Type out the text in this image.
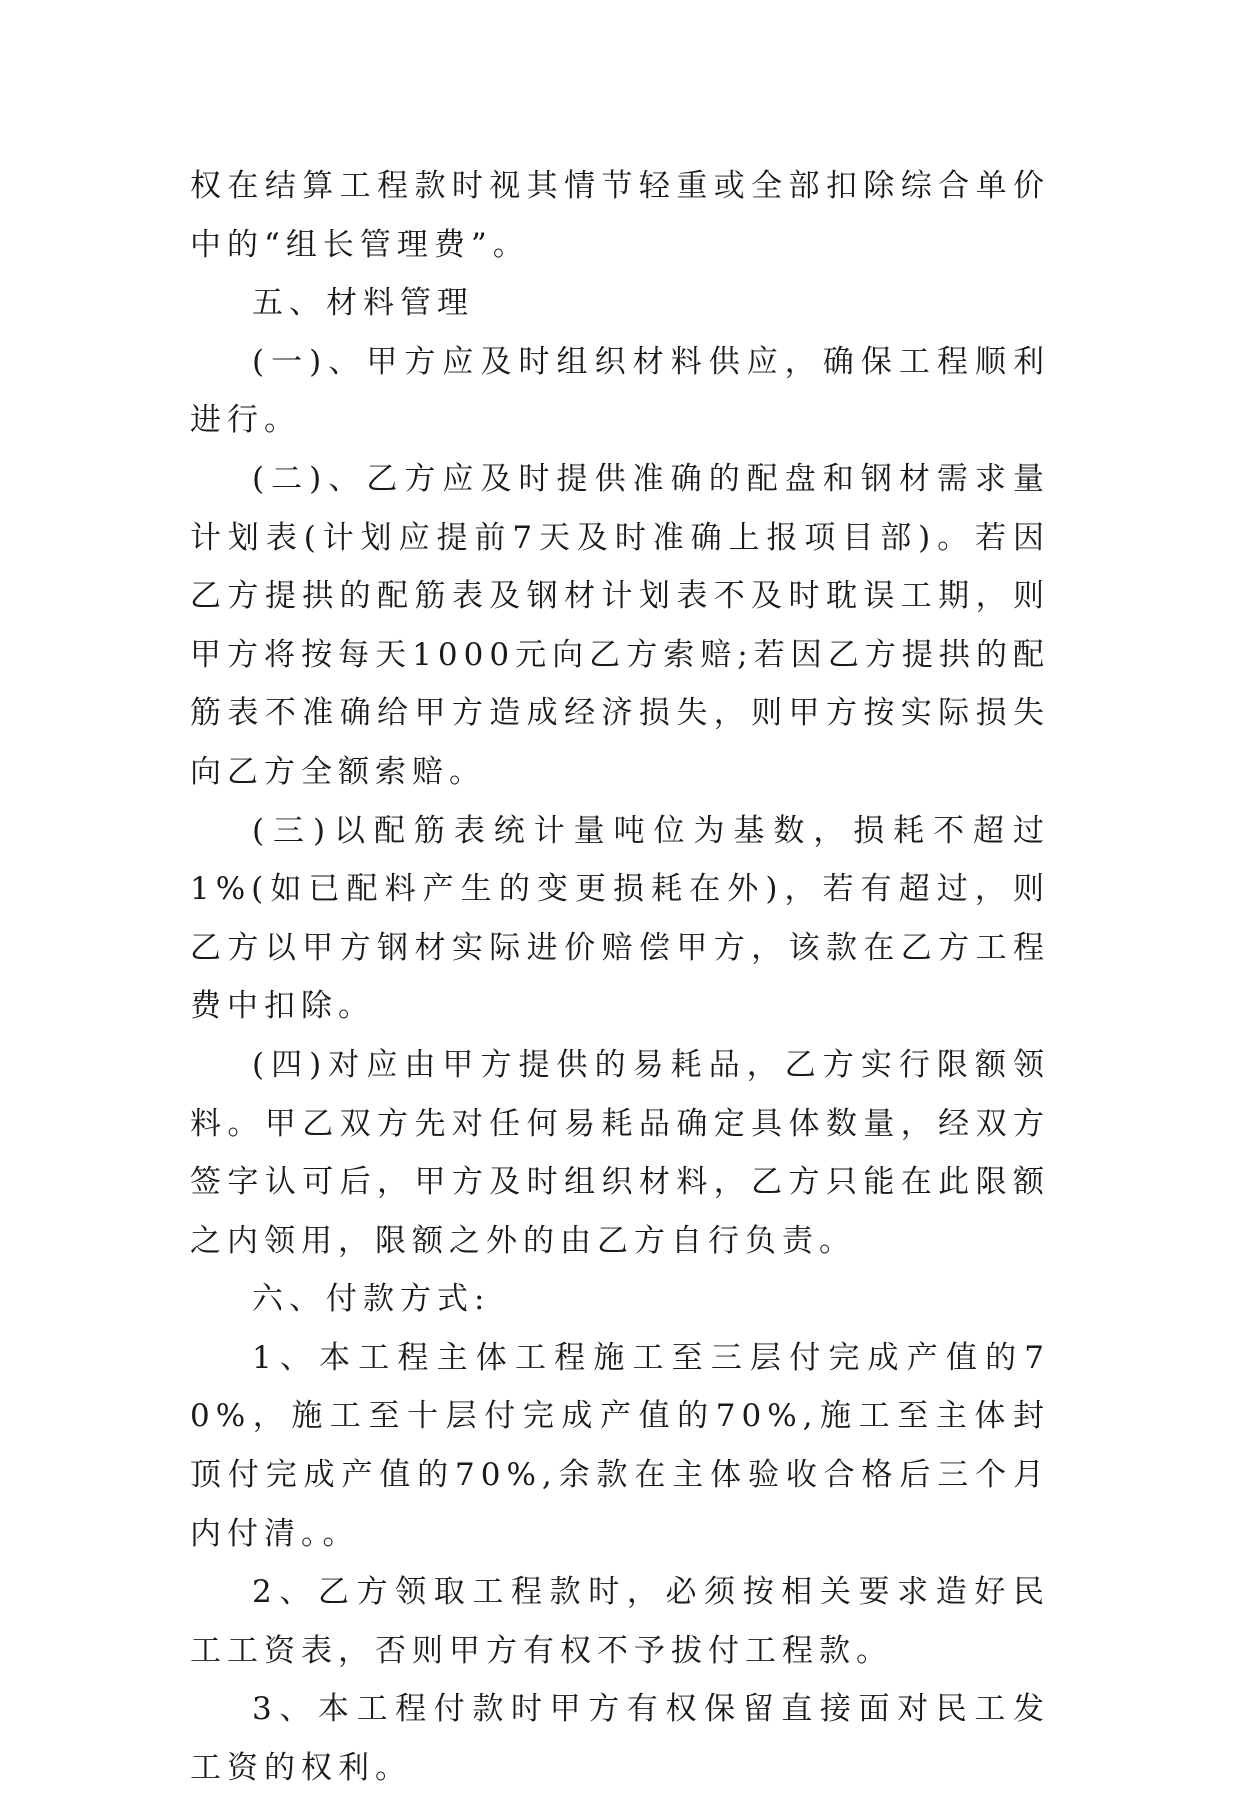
权在结算工程款时视其情节轻重或全部扣除综合单价中的“组长管理费”。

五、材料管理

(一)、甲方应及时组织材料供应，确保工程顺利进行。

(二)、乙方应及时提供准确的配盘和钢材需求量计划表(计划应提前7天及时准确上报项目部)。若因乙方提拱的配筋表及钢材计划表不及时耽误工期，则甲方将按每天1000元向乙方索赔;若因乙方提拱的配筋表不准确给甲方造成经济损失，则甲方按实际损失向乙方全额索赔。

(三)以配筋表统计量吨位为基数，损耗不超过1%(如已配料产生的变更损耗在外)，若有超过，则乙方以甲方钢材实际进价赔偿甲方，该款在乙方工程费中扣除。

(四)对应由甲方提供的易耗品，乙方实行限额领料。甲乙双方先对任何易耗品确定具体数量，经双方签字认可后，甲方及时组织材料，乙方只能在此限额之内领用，限额之外的由乙方自行负责。

六、付款方式:

1、本工程主体工程施工至三层付完成产值的70%，施工至十层付完成产值的70%,施工至主体封顶付完成产值的70%,余款在主体验收合格后三个月内付清。。

2、乙方领取工程款时，必须按相关要求造好民工工资表，否则甲方有权不予拔付工程款。

3、本工程付款时甲方有权保留直接面对民工发工资的权利。
